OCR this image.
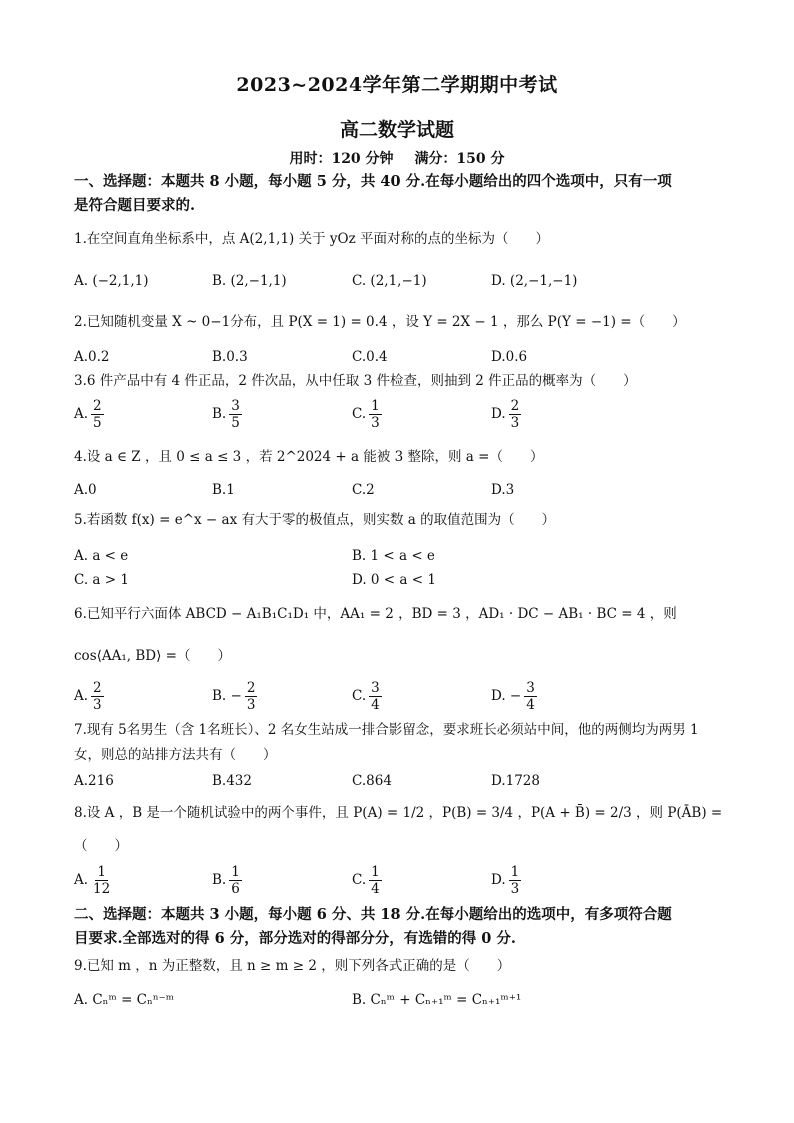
2023~2024学年第二学期期中考试
高二数学试题
用时：120 分钟 满分：150 分
一、选择题：本题共 8 小题，每小题 5 分，共 40 分.在每小题给出的四个选项中，只有一项
是符合题目要求的.
1.在空间直角坐标系中，点 A(2,1,1) 关于 yOz 平面对称的点的坐标为（　　）
A. (−2,1,1)	B. (2,−1,1)	C. (2,1,−1)	D. (2,−1,−1)
2.已知随机变量 X ~ 0−1分布，且 P(X = 1) = 0.4 ，设 Y = 2X − 1 ，那么 P(Y = −1) =（　　）
A.0.2	B.0.3	C.0.4	D.0.6
3.6 件产品中有 4 件正品，2 件次品，从中任取 3 件检查，则抽到 2 件正品的概率为（　　）
A. $\frac{2}{5}$	B. $\frac{3}{5}$	C. $\frac{1}{3}$	D. $\frac{2}{3}$
4.设 a ∈ Z ，且 0 ≤ a ≤ 3 ，若 2^2024 + a 能被 3 整除，则 a =（　　）
A.0	B.1	C.2	D.3
5.若函数 f(x) = e^x − ax 有大于零的极值点，则实数 a 的取值范围为（　　）
A. a < e	B. 1 < a < e
C. a > 1	D. 0 < a < 1
6.已知平行六面体 ABCD − A₁B₁C₁D₁ 中，AA₁ = 2 ，BD = 3 ，AD₁ · DC − AB₁ · BC = 4 ，则
cos⟨AA₁, BD⟩ =（　　）
A. $\frac{2}{3}$	B. − $\frac{2}{3}$	C. $\frac{3}{4}$	D. − $\frac{3}{4}$
7.现有 5名男生（含 1名班长）、2 名女生站成一排合影留念，要求班长必须站中间，他的两侧均为两男 1
女，则总的站排方法共有（　　）
A.216	B.432	C.864	D.1728
8.设 A ，B 是一个随机试验中的两个事件，且 P(A) = 1/2 ，P(B) = 3/4 ，P(A + B̄) = 2/3 ，则 P(ĀB) =
（　　）
A. $\frac{1}{12}$	B. $\frac{1}{6}$	C. $\frac{1}{4}$	D. $\frac{1}{3}$
二、选择题：本题共 3 小题，每小题 6 分、共 18 分.在每小题给出的选项中，有多项符合题
目要求.全部选对的得 6 分，部分选对的得部分分，有选错的得 0 分.
9.已知 m ，n 为正整数，且 n ≥ m ≥ 2 ，则下列各式正确的是（　　）
A. Cₙᵐ = Cₙⁿ⁻ᵐ	B. Cₙᵐ + Cₙ₊₁ᵐ = Cₙ₊₁ᵐ⁺¹
